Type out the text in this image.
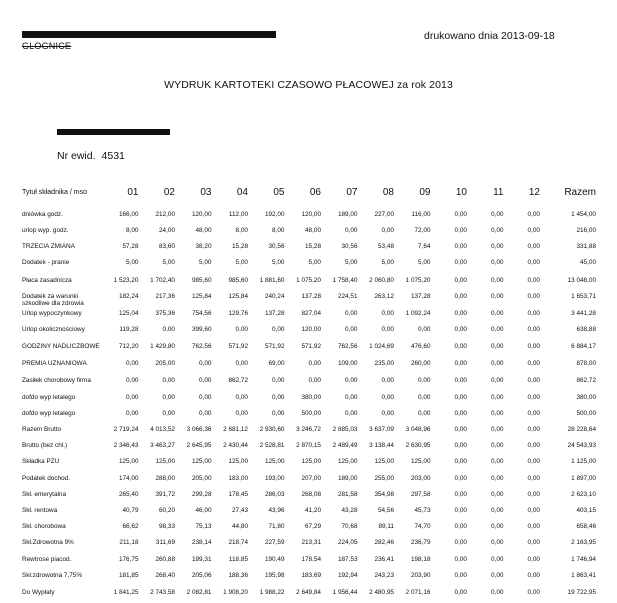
GLOGNICE
drukowano dnia 2013-09-18
WYDRUK KARTOTEKI CZASOWO PŁACOWEJ za rok 2013
Nr ewid. 4531
Tytuł składnika / mso	01	02	03	04	05	06	07	08	09	10	11	12	Razem
dniówka godz.	166,00	212,00	120,00	112,00	192,00	120,00	189,00	227,00	116,00	0,00	0,00	0,00	1 454,00
urlop wyp. godz.	8,00	24,00	48,00	8,00	8,00	48,00	0,00	0,00	72,00	0,00	0,00	0,00	216,00
TRZECIA ZMIANA	57,28	83,60	38,20	15,28	30,56	15,28	30,56	53,48	7,64	0,00	0,00	0,00	331,88
Dodatek - pranie	5,00	5,00	5,00	5,00	5,00	5,00	5,00	5,00	5,00	0,00	0,00	0,00	45,00
Płaca zasadnicza	1 523,20	1 702,40	985,60	985,60	1 881,60	1 075,20	1 758,40	2 060,80	1 075,20	0,00	0,00	0,00	13 048,00
Dodatek za warunki szkodliwe dla zdrowia	182,24	217,36	125,84	125,84	240,24	137,28	224,51	263,12	137,28	0,00	0,00	0,00	1 653,71
Urlop wypoczynkowy	125,04	375,36	754,56	129,76	137,28	827,04	0,00	0,00	1 092,24	0,00	0,00	0,00	3 441,28
Urlop okolicznościowy	119,28	0,00	399,60	0,00	0,00	120,00	0,00	0,00	0,00	0,00	0,00	0,00	638,88
GODZINY NADLICZBOWE	712,20	1 429,80	762,56	571,92	571,92	571,92	762,56	1 024,69	476,60	0,00	0,00	0,00	6 884,17
PREMIA UZNANIOWA	0,00	205,00	0,00	0,00	69,00	0,00	109,00	235,00	260,00	0,00	0,00	0,00	878,00
Zasiłek chorobowy firma	0,00	0,00	0,00	862,72	0,00	0,00	0,00	0,00	0,00	0,00	0,00	0,00	862,72
dofdo wyp letalego	0,00	0,00	0,00	0,00	0,00	380,00	0,00	0,00	0,00	0,00	0,00	0,00	380,00
dofdo wyp letalego	0,00	0,00	0,00	0,00	0,00	500,00	0,00	0,00	0,00	0,00	0,00	0,00	500,00
Razem Brutto	2 719,24	4 013,52	3 066,36	2 681,12	2 930,60	3 246,72	2 885,03	3 637,09	3 048,96	0,00	0,00	0,00	28 228,64
Brutto (bez chl.)	2 346,43	3 463,27	2 645,95	2 430,44	2 528,81	2 870,15	2 489,49	3 138,44	2 630,95	0,00	0,00	0,00	24 543,93
Składka PZU	125,00	125,00	125,00	125,00	125,00	125,00	125,00	125,00	125,00	0,00	0,00	0,00	1 125,00
Podatek dochod.	174,00	288,00	205,00	183,00	193,00	207,00	189,00	255,00	203,00	0,00	0,00	0,00	1 897,00
Skł. emerytalna	265,40	391,72	299,28	178,45	286,03	268,08	281,58	354,98	297,58	0,00	0,00	0,00	2 623,10
Skł. rentowa	40,79	60,20	46,00	27,43	43,96	41,20	43,28	54,56	45,73	0,00	0,00	0,00	403,15
Skł. chorobowa	66,62	98,33	75,13	44,80	71,80	67,29	70,68	89,11	74,70	0,00	0,00	0,00	658,46
Skł.Zdrowotna 9%	211,18	311,69	238,14	218,74	227,59	213,31	224,05	282,46	236,79	0,00	0,00	0,00	2 163,95
Rewtrose piacod.	176,75	260,88	199,31	118,85	190,49	178,54	187,53	236,41	198,18	0,00	0,00	0,00	1 746,94
Skł.zdrowotna 7,75%	181,85	268,40	205,06	188,36	195,98	183,69	192,94	243,23	203,90	0,00	0,00	0,00	1 863,41
Do Wypłaty	1 841,25	2 743,58	2 082,81	1 908,20	1 988,22	2 649,84	1 956,44	2 480,95	2 071,16	0,00	0,00	0,00	19 722,95
